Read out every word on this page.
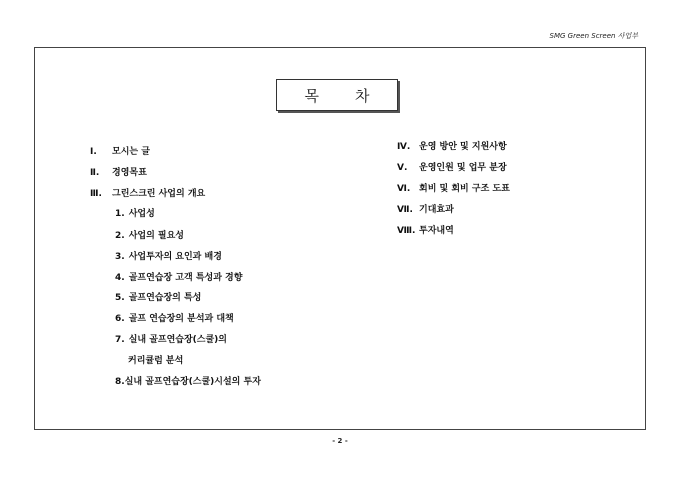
SMG Green Screen 사업부
목 차
Ⅰ. 모시는 글
Ⅱ. 경영목표
Ⅲ. 그린스크린 사업의 개요
1. 사업성
2. 사업의 필요성
3. 사업투자의 요인과 배경
4. 골프연습장 고객 특성과 경향
5. 골프연습장의 특성
6. 골프 연습장의 분석과 대책
7. 실내 골프연습장(스쿨)의
커리큘럼 분석
8.실내 골프연습장(스쿨)시설의 투자
Ⅳ. 운영 방안 및 지원사항
Ⅴ. 운영인원 및 업무 분장
Ⅵ. 회비 및 회비 구조 도표
Ⅶ. 기대효과
Ⅷ. 투자내역
- 2 -
